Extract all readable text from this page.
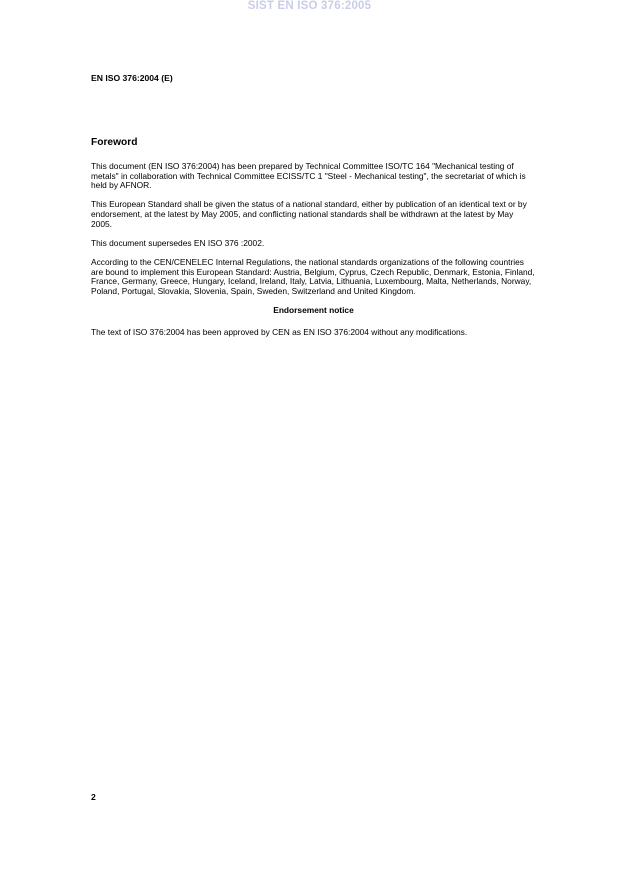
SIST EN ISO 376:2005
EN ISO 376:2004 (E)
Foreword

This document (EN ISO 376:2004) has been prepared by Technical Committee ISO/TC 164 "Mechanical testing of metals" in collaboration with Technical Committee ECISS/TC 1 "Steel - Mechanical testing", the secretariat of which is held by AFNOR.

This European Standard shall be given the status of a national standard, either by publication of an identical text or by endorsement, at the latest by May 2005, and conflicting national standards shall be withdrawn at the latest by May 2005.

This document supersedes EN ISO 376 :2002.

According to the CEN/CENELEC Internal Regulations, the national standards organizations of the following countries are bound to implement this European Standard: Austria, Belgium, Cyprus, Czech Republic, Denmark, Estonia, Finland, France, Germany, Greece, Hungary, Iceland, Ireland, Italy, Latvia, Lithuania, Luxembourg, Malta, Netherlands, Norway, Poland, Portugal, Slovakia, Slovenia, Spain, Sweden, Switzerland and United Kingdom.

Endorsement notice

The text of ISO 376:2004 has been approved by CEN as EN ISO 376:2004 without any modifications.

2
